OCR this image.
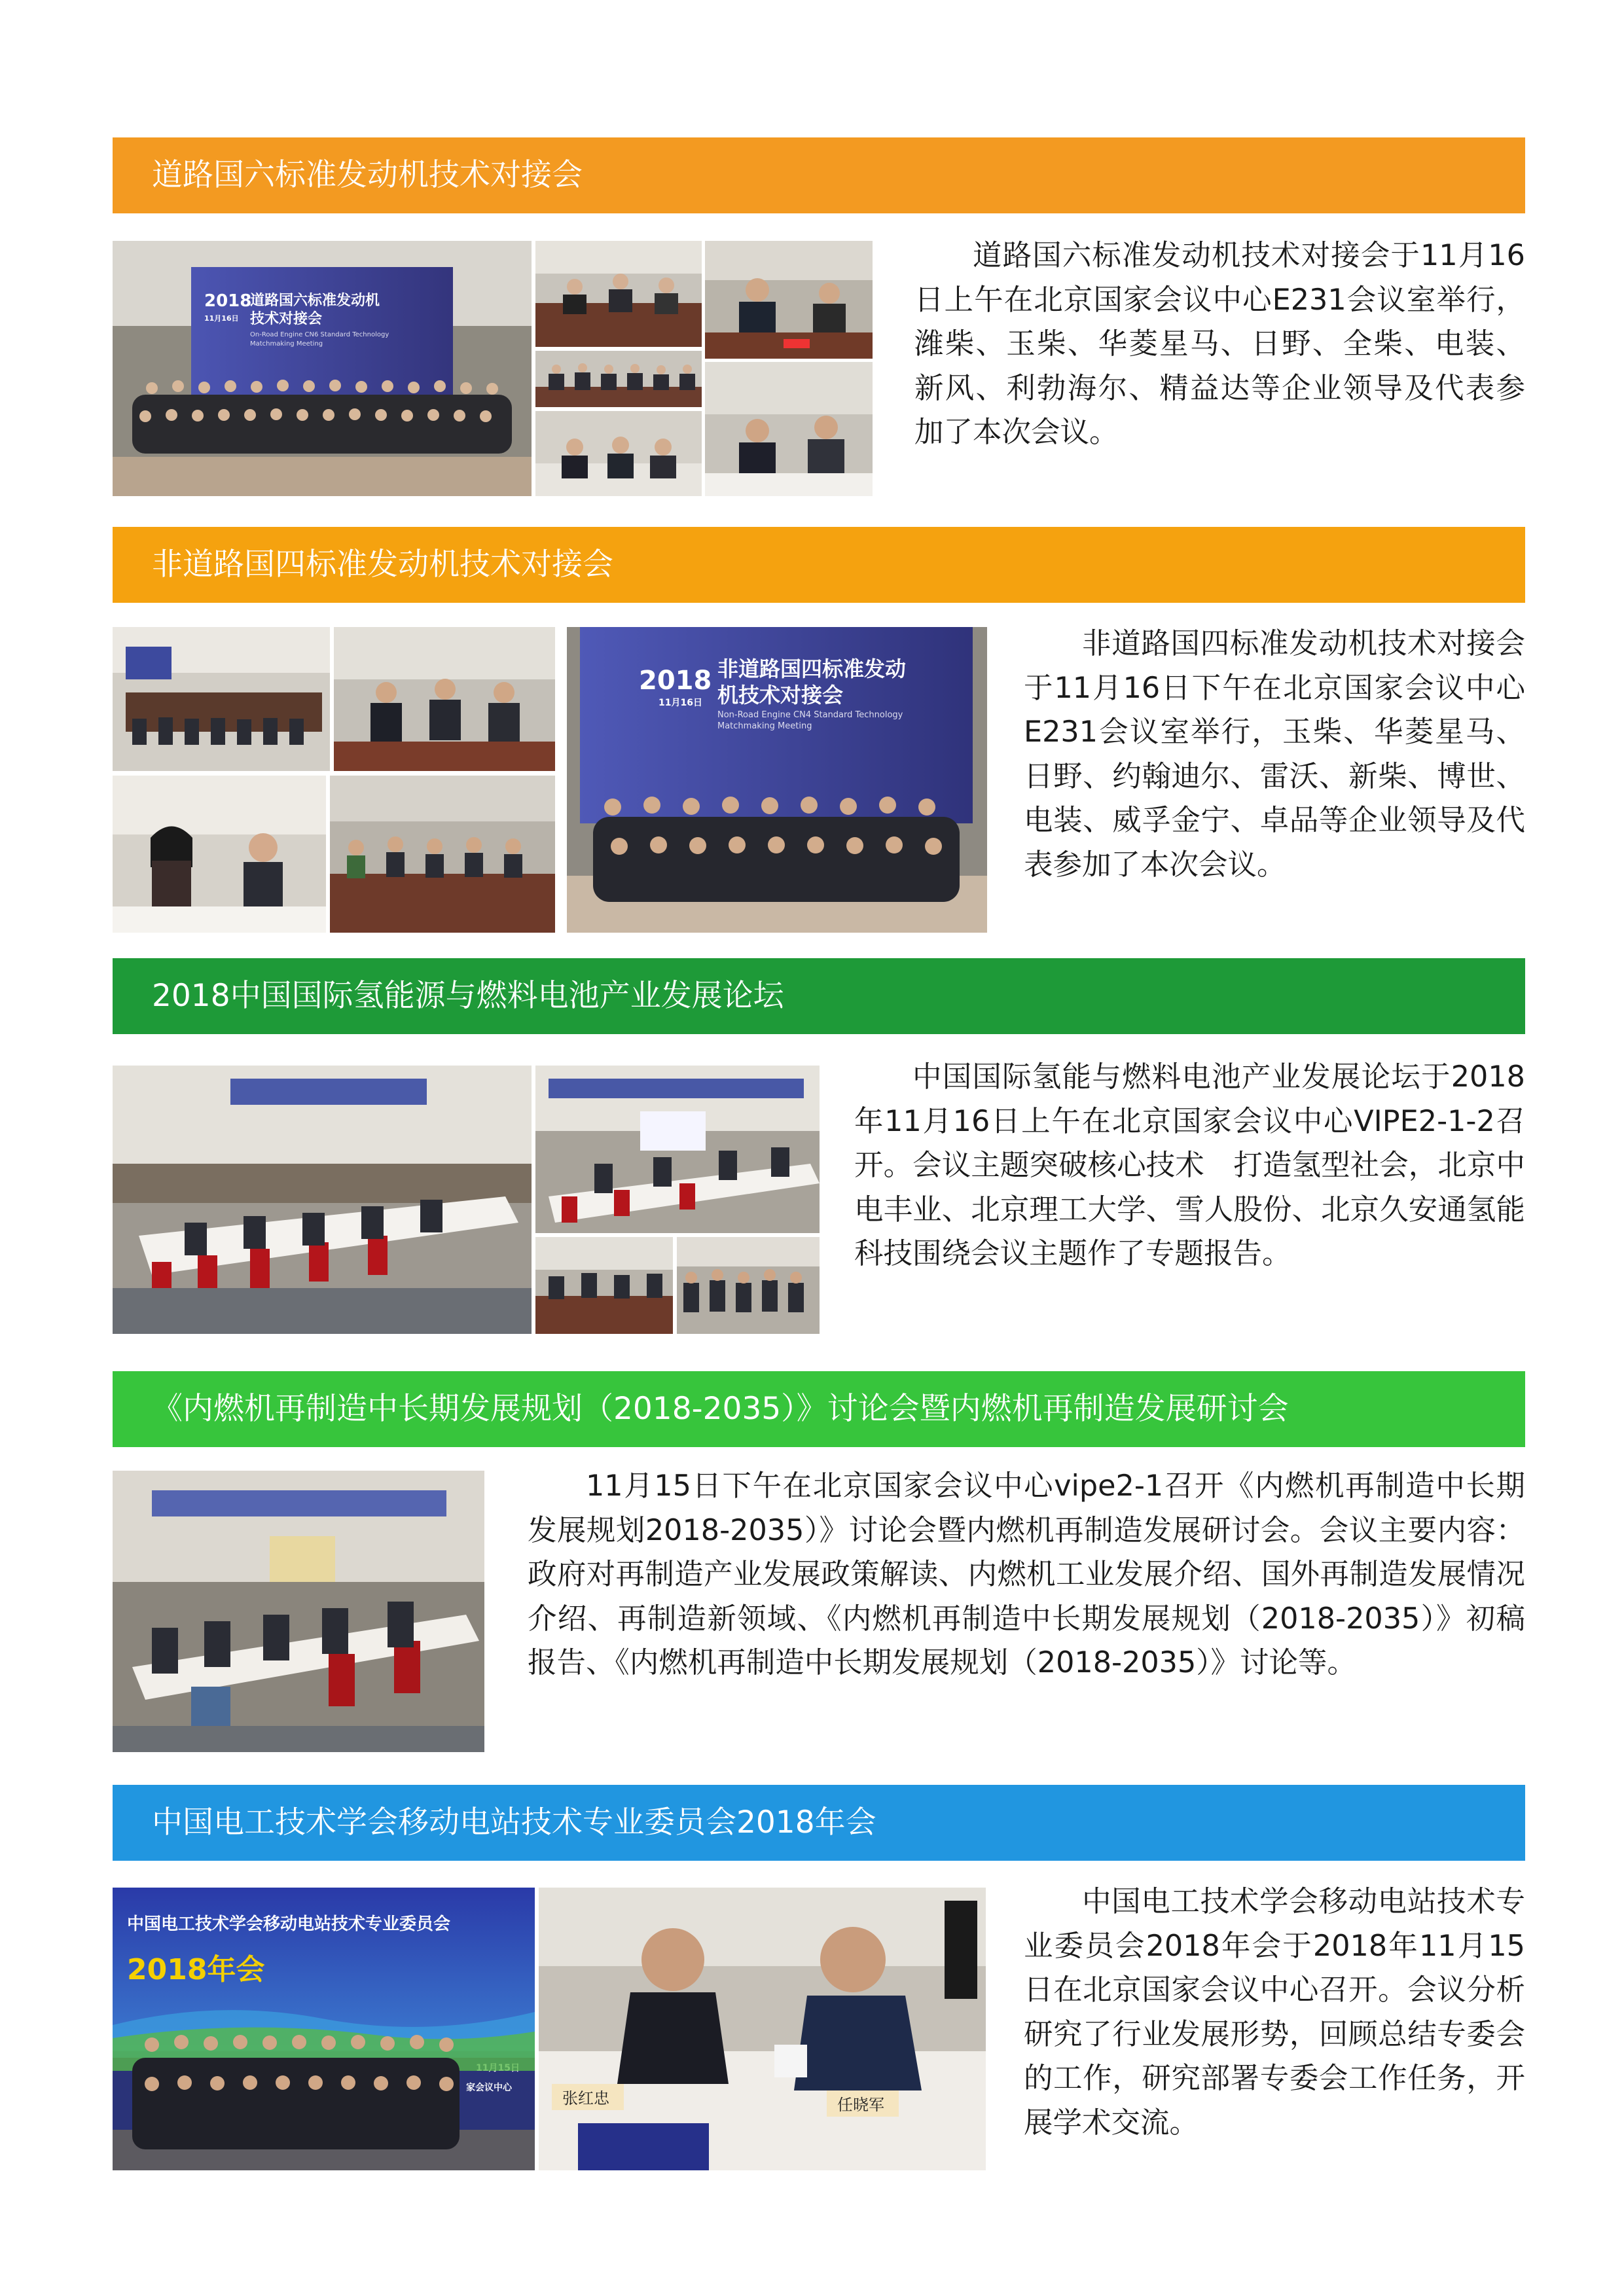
道路国六标准发动机技术对接会
2018
11月16日
道路国六标准发动机
技术对接会
On-Road Engine CN6 Standard Technology
Matchmaking Meeting

道路国六标准发动机技术对接会于11月16日上午在北京国家会议中心E231会议室举行，潍柴、玉柴、华菱星马、日野、全柴、电装、新风、利勃海尔、精益达等企业领导及代表参加了本次会议。

非道路国四标准发动机技术对接会
2018
11月16日
非道路国四标准发动
机技术对接会
Non-Road Engine CN4 Standard Technology
Matchmaking Meeting

非道路国四标准发动机技术对接会于11月16日下午在北京国家会议中心E231会议室举行，玉柴、华菱星马、日野、约翰迪尔、雷沃、新柴、博世、电装、威孚金宁、卓品等企业领导及代表参加了本次会议。

2018中国国际氢能源与燃料电池产业发展论坛

中国国际氢能与燃料电池产业发展论坛于2018年11月16日上午在北京国家会议中心VIPE2-1-2召开。会议主题突破核心技术　打造氢型社会，北京中电丰业、北京理工大学、雪人股份、北京久安通氢能科技围绕会议主题作了专题报告。

《内燃机再制造中长期发展规划（2018-2035）》讨论会暨内燃机再制造发展研讨会

11月15日下午在北京国家会议中心vipe2-1召开《内燃机再制造中长期发展规划2018-2035）》讨论会暨内燃机再制造发展研讨会。会议主要内容：政府对再制造产业发展政策解读、内燃机工业发展介绍、国外再制造发展情况介绍、再制造新领域、《内燃机再制造中长期发展规划（2018-2035）》初稿报告、《内燃机再制造中长期发展规划（2018-2035）》讨论等。

中国电工技术学会移动电站技术专业委员会2018年会
中国电工技术学会移动电站技术专业委员会
2018年会
家会议中心
张红忠	任晓军

中国电工技术学会移动电站技术专业委员会2018年会于2018年11月15日在北京国家会议中心召开。会议分析研究了行业发展形势，回顾总结专委会的工作，研究部署专委会工作任务，开展学术交流。
